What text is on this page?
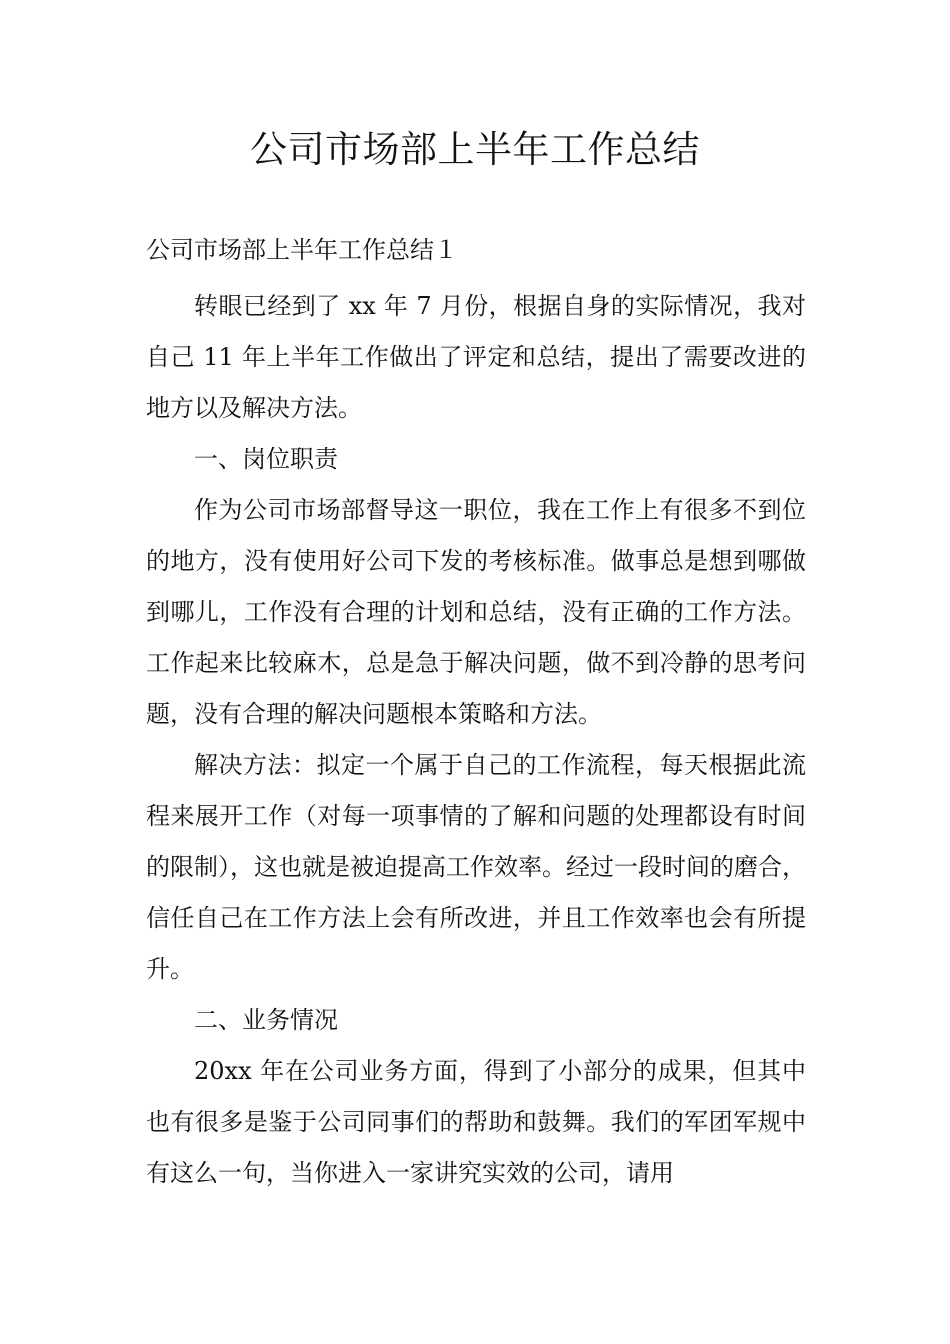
公司市场部上半年工作总结
公司市场部上半年工作总结１

转眼已经到了 xx 年 7 月份，根据自身的实际情况，我对自己 11 年上半年工作做出了评定和总结，提出了需要改进的地方以及解决方法。

一、岗位职责

作为公司市场部督导这一职位，我在工作上有很多不到位的地方，没有使用好公司下发的考核标准。做事总是想到哪做到哪儿，工作没有合理的计划和总结，没有正确的工作方法。工作起来比较麻木，总是急于解决问题，做不到冷静的思考问题，没有合理的解决问题根本策略和方法。

解决方法：拟定一个属于自己的工作流程，每天根据此流程来展开工作（对每一项事情的了解和问题的处理都设有时间的限制），这也就是被迫提高工作效率。经过一段时间的磨合，信任自己在工作方法上会有所改进，并且工作效率也会有所提升。

二、业务情况

20xx 年在公司业务方面，得到了小部分的成果，但其中也有很多是鉴于公司同事们的帮助和鼓舞。我们的军团军规中有这么一句，当你进入一家讲究实效的公司，请用
